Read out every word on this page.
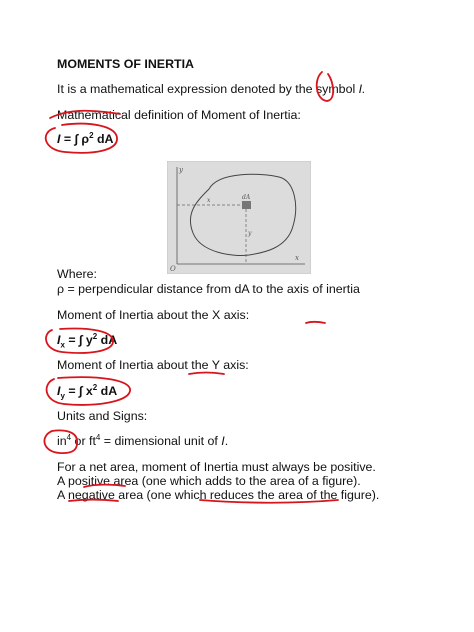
MOMENTS OF INERTIA
It is a mathematical expression denoted by the symbol I.
Mathematical definition of Moment of Inertia:
I = ∫ $\rho^2$ dA
y
x
O
dA
x
y
Where:
ρ = perpendicular distance from dA to the axis of inertia
Moment of Inertia about the X axis:
$I_x$ = ∫ $y^2$ dA
Moment of Inertia about the Y axis:
$I_y$ = ∫ $x^2$ dA
Units and Signs:
$in^4$ or $ft^4$ = dimensional unit of I.
For a net area, moment of Inertia must always be positive.
A positive area (one which adds to the area of a figure).
A negative area (one which reduces the area of the figure).
